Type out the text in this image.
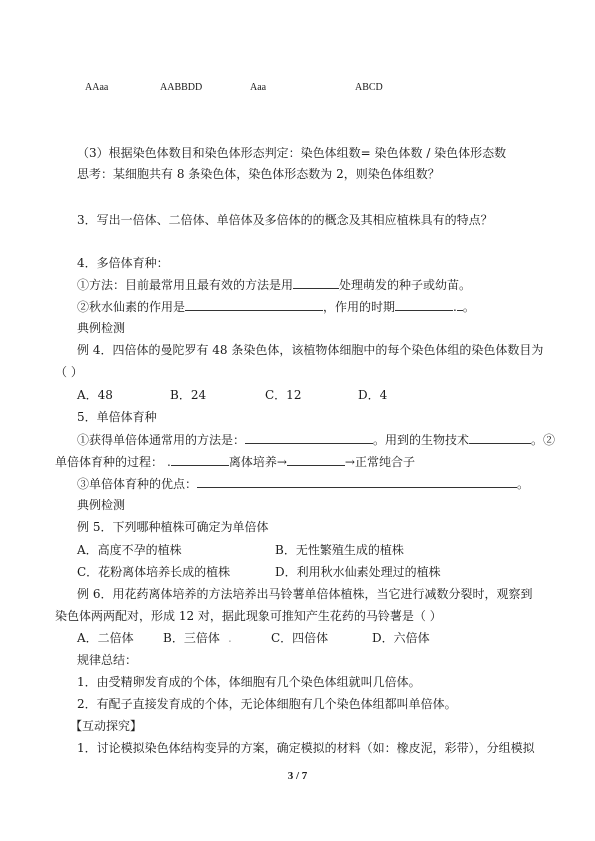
AAaa	AABBDD	Aaa	ABCD
（3）根据染色体数目和染色体形态判定：染色体组数= 染色体数 / 染色体形态数
思考：某细胞共有 8 条染色体，染色体形态数为 2，则染色体组数？
3．写出一倍体、二倍体、单倍体及多倍体的的概念及其相应植株具有的特点？
4．多倍体育种：
①方法：目前最常用且最有效的方法是用	处理萌发的种子或幼苗。
②秋水仙素的作用是	，作用的时期	. 。
典例检测
例 4．四倍体的曼陀罗有 48 条染色体，该植物体细胞中的每个染色体组的染色体数目为
（ ）
A．48	B．24	C．12	D．4
5．单倍体育种
①获得单倍体通常用的方法是：	。用到的生物技术	。②
单倍体育种的过程： .	离体培养→	→正常纯合子
③单倍体育种的优点：	。
典例检测
例 5．下列哪种植株可确定为单倍体
A．高度不孕的植株	B．无性繁殖生成的植株
C．花粉离体培养长成的植株	D．利用秋水仙素处理过的植株
例 6．用花药离体培养的方法培养出马铃薯单倍体植株，当它进行减数分裂时，观察到
染色体两两配对，形成 12 对，据此现象可推知产生花药的马铃薯是（ ）
A．二倍体 B．三倍体 .	C．四倍体	D．六倍体
规律总结：
1．由受精卵发育成的个体，体细胞有几个染色体组就叫几倍体。
2．有配子直接发育成的个体，无论体细胞有几个染色体组都叫单倍体。
【互动探究】
1．讨论模拟染色体结构变异的方案，确定模拟的材料（如：橡皮泥，彩带），分组模拟
3 / 7
